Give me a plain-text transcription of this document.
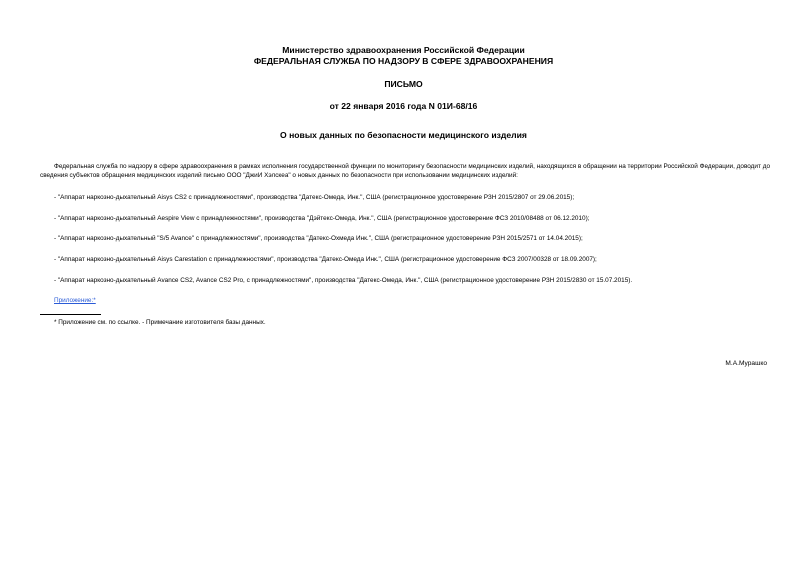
Министерство здравоохранения Российской Федерации
ФЕДЕРАЛЬНАЯ СЛУЖБА ПО НАДЗОРУ В СФЕРЕ ЗДРАВООХРАНЕНИЯ
ПИСЬМО
от 22 января 2016 года N 01И-68/16
О новых данных по безопасности медицинского изделия
Федеральная служба по надзору в сфере здравоохранения в рамках исполнения государственной функции по мониторингу безопасности медицинских изделий, находящихся в обращении на территории Российской Федерации, доводит до сведения субъектов обращения медицинских изделий письмо ООО "ДжиИ Хэлскеа" о новых данных по безопасности при использовании медицинских изделий:
- "Аппарат наркозно-дыхательный Aisys CS2 с принадлежностями", производства "Датекс-Омеда, Инк.", США (регистрационное удостоверение РЗН 2015/2807 от 29.06.2015);
- "Аппарат наркозно-дыхательный Aespire View с принадлежностями", производства "Дэйтекс-Омеда, Инк.", США (регистрационное удостоверение ФСЗ 2010/08488 от 06.12.2010);
- "Аппарат наркозно-дыхательный "S/5 Avance" с принадлежностями", производства "Датекс-Охмеда Инк.", США (регистрационное удостоверение РЗН 2015/2571 от 14.04.2015);
- "Аппарат наркозно-дыхательный Aisys Carestation с принадлежностями", производства "Датекс-Омеда Инк.", США (регистрационное удостоверение ФСЗ 2007/00328 от 18.09.2007);
- "Аппарат наркозно-дыхательный Avance CS2, Avance CS2 Pro, с принадлежностями", производства "Датекс-Омеда, Инк.", США (регистрационное удостоверение РЗН 2015/2830 от 15.07.2015).
Приложение:*
* Приложение см. по ссылке. - Примечание изготовителя базы данных.
М.А.Мурашко
